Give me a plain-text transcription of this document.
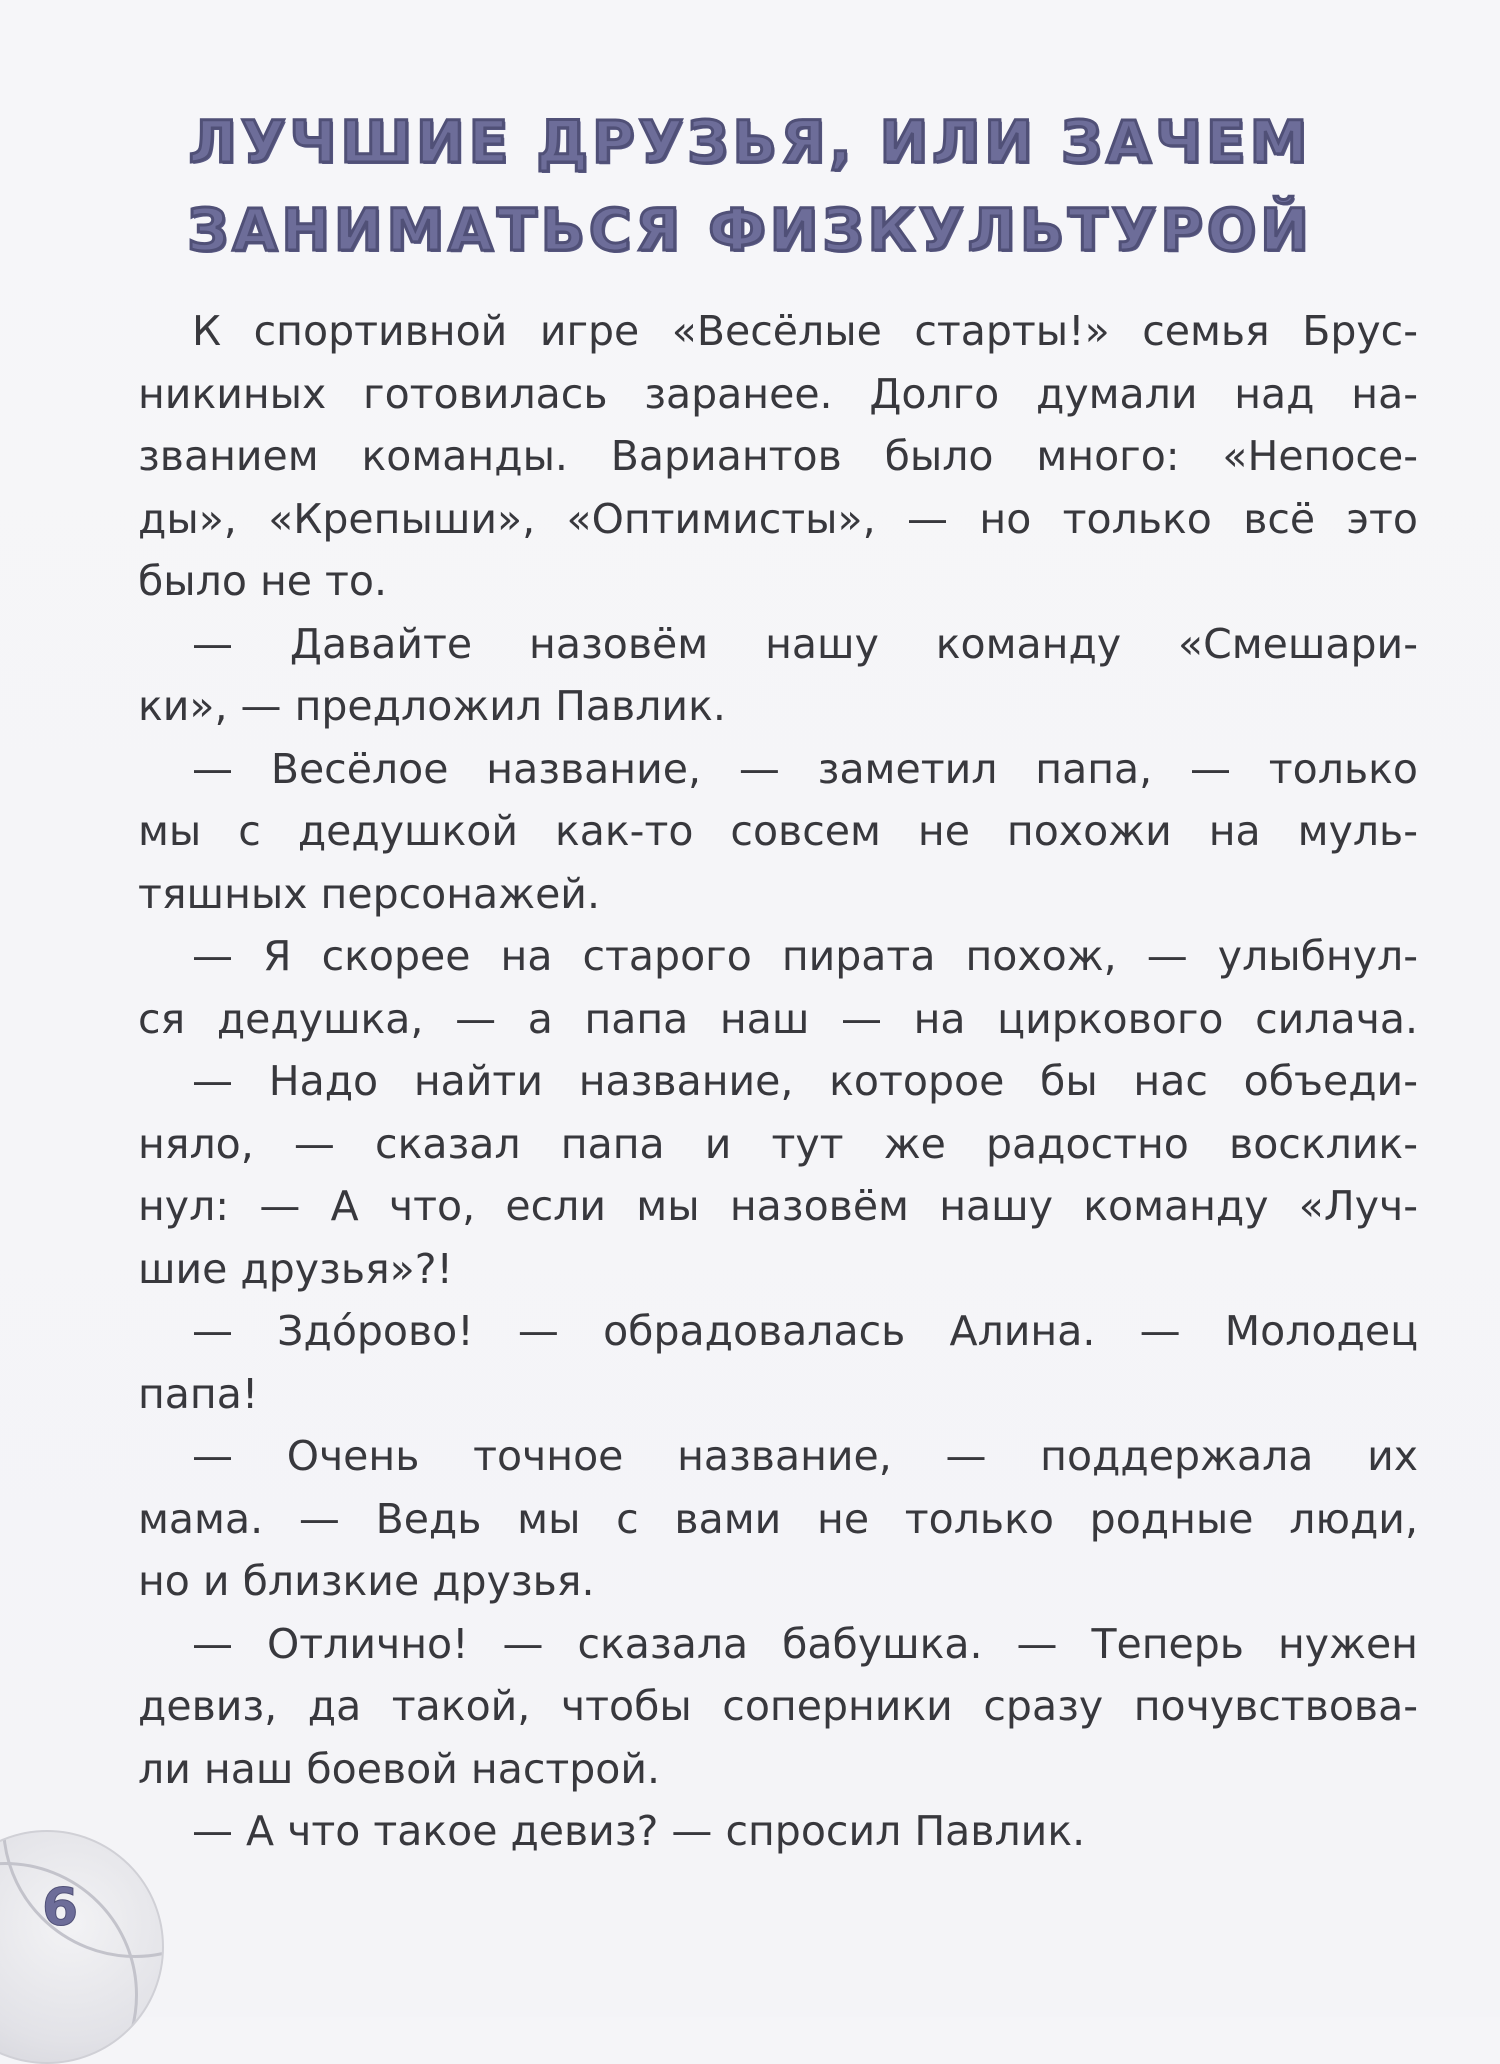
ЛУЧШИЕ ДРУЗЬЯ, ИЛИ ЗАЧЕМ
ЗАНИМАТЬСЯ ФИЗКУЛЬТУРОЙ
К спортивной игре «Весёлые старты!» семья Брус-
никиных готовилась заранее. Долго думали над на-
званием команды. Вариантов было много: «Непосе-
ды», «Крепыши», «Оптимисты», — но только всё это
было не то.
— Давайте назовём нашу команду «Смешари-
ки», — предложил Павлик.
— Весёлое название, — заметил папа, — только
мы с дедушкой как-то совсем не похожи на муль-
тяшных персонажей.
— Я скорее на старого пирата похож, — улыбнул-
ся дедушка, — а папа наш — на циркового силача.
— Надо найти название, которое бы нас объеди-
няло, — сказал папа и тут же радостно восклик-
нул: — А что, если мы назовём нашу команду «Луч-
шие друзья»?!
— Здо́рово! — обрадовалась Алина. — Молодец
папа!
— Очень точное название, — поддержала их
мама. — Ведь мы с вами не только родные люди,
но и близкие друзья.
— Отлично! — сказала бабушка. — Теперь нужен
девиз, да такой, чтобы соперники сразу почувствова-
ли наш боевой настрой.
— А что такое девиз? — спросил Павлик.
6
